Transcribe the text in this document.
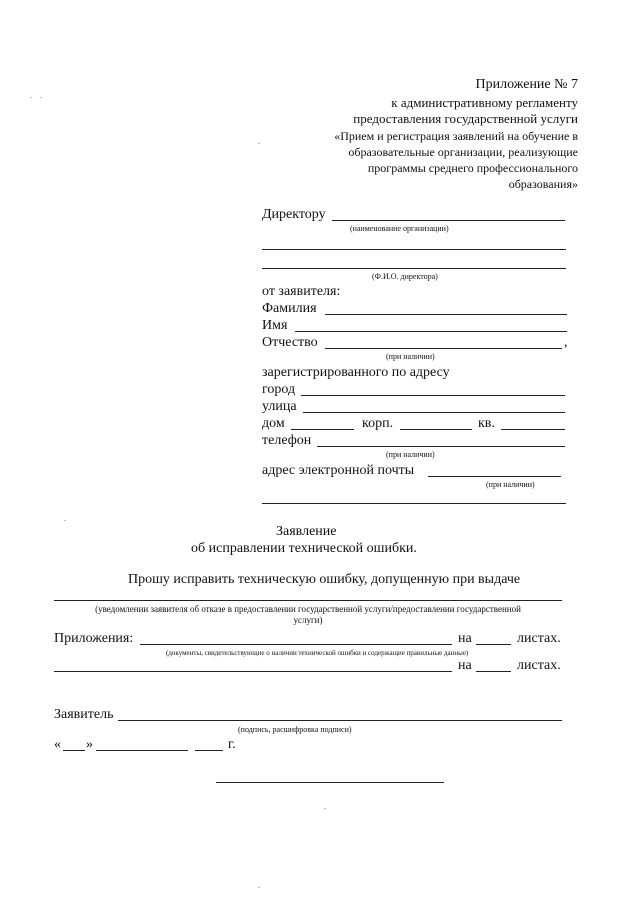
Приложение № 7
к административному регламенту
предоставления государственной услуги
«Прием и регистрация заявлений на обучение в
образовательные организации, реализующие
программы среднего профессионального
образования»
Директору
(наименование организации)
(Ф.И.О. директора)
от заявителя:
Фамилия
Имя
Отчество	,
(при наличии)
зарегистрированного по адресу
город
улица
дом	корп.	кв.
телефон
(при наличии)
адрес электронной почты
(при наличии)
Заявление
об исправлении технической ошибки.
Прошу исправить техническую ошибку, допущенную при выдаче
(уведомлении заявителя об отказе в предоставлении государственной услуги/предоставлении государственной
услуги)
Приложения:	на	листах.
(документы, свидетельствующие о наличии технической ошибки и содержащие правильные данные)
на	листах.
Заявитель
(подпись, расшифровка подписи)
« »	г.
